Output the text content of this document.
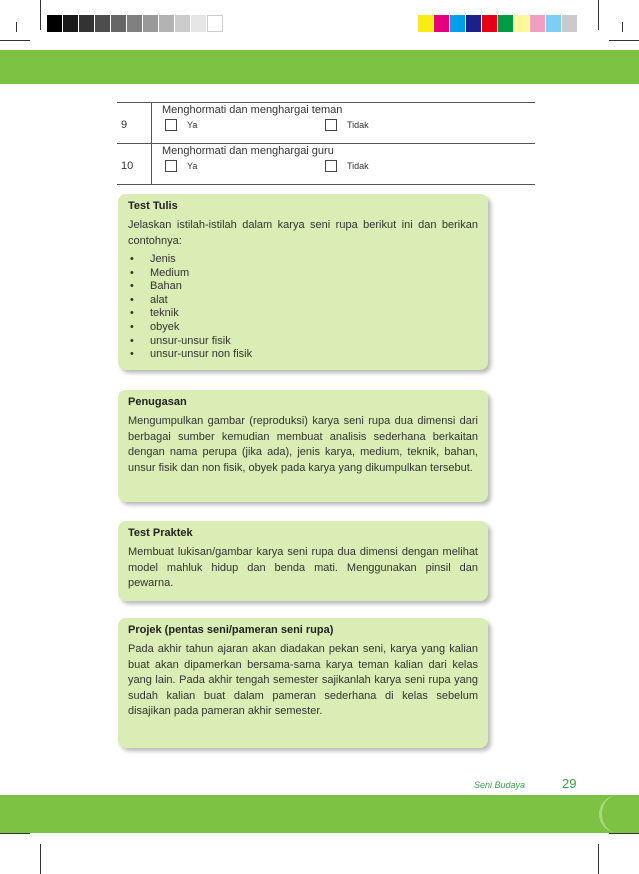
9	Menghormati dan menghargai teman
Ya Tidak

10	Menghormati dan menghargai guru
Ya Tidak
Test Tulis

Jelaskan istilah-istilah dalam karya seni rupa berikut ini dan berikan contohnya:

• Jenis
• Medium
• Bahan
• alat
• teknik
• obyek
• unsur-unsur fisik
• unsur-unsur non fisik
Penugasan

Mengumpulkan gambar (reproduksi) karya seni rupa dua dimensi dari berbagai sumber kemudian membuat analisis sederhana berkaitan dengan nama perupa (jika ada), jenis karya, medium, teknik, bahan, unsur fisik dan non fisik, obyek pada karya yang dikumpulkan tersebut.

Test Praktek

Membuat lukisan/gambar karya seni rupa dua dimensi dengan melihat model mahluk hidup dan benda mati. Menggunakan pinsil dan pewarna.

Projek (pentas seni/pameran seni rupa)

Pada akhir tahun ajaran akan diadakan pekan seni, karya yang kalian buat akan dipamerkan bersama-sama karya teman kalian dari kelas yang lain. Pada akhir tengah semester sajikanlah karya seni rupa yang sudah kalian buat dalam pameran sederhana di kelas sebelum disajikan pada pameran akhir semester.

Seni Budaya	29
